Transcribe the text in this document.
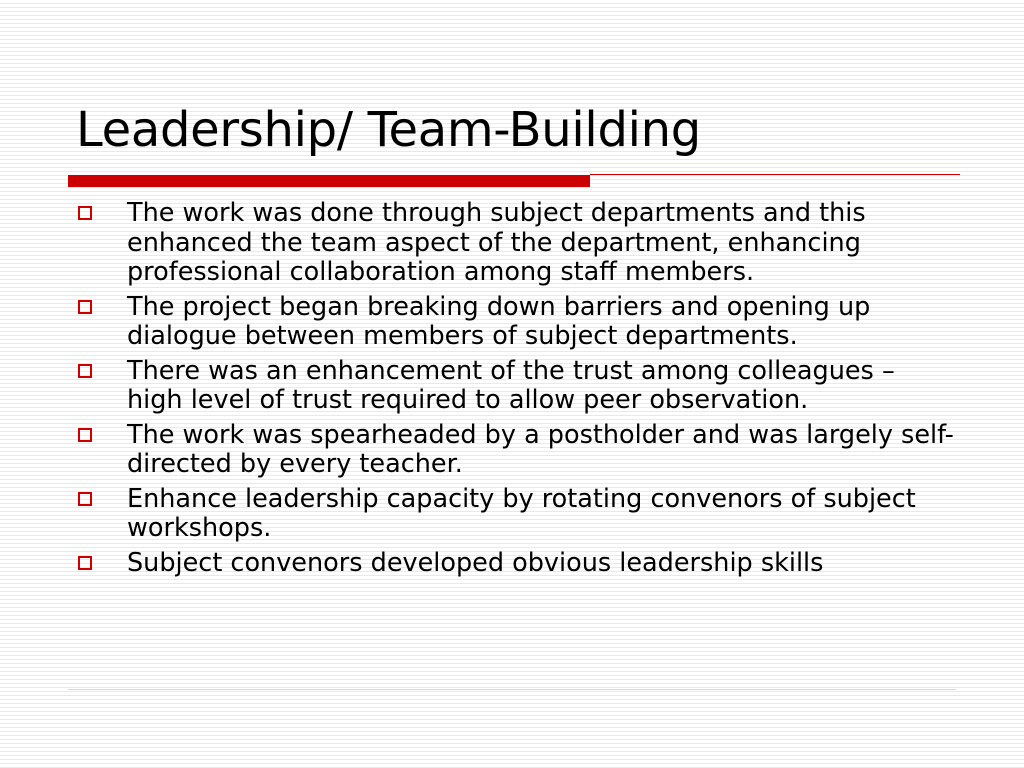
Leadership/ Team-Building
The work was done through subject departments and this enhanced the team aspect of the department, enhancing professional collaboration among staff members.
The project began breaking down barriers and opening up dialogue between members of subject departments.
There was an enhancement of the trust among colleagues – high level of trust required to allow peer observation.
The work was spearheaded by a postholder and was largely self-directed by every teacher.
Enhance leadership capacity by rotating convenors of subject workshops.
Subject convenors developed obvious leadership skills
